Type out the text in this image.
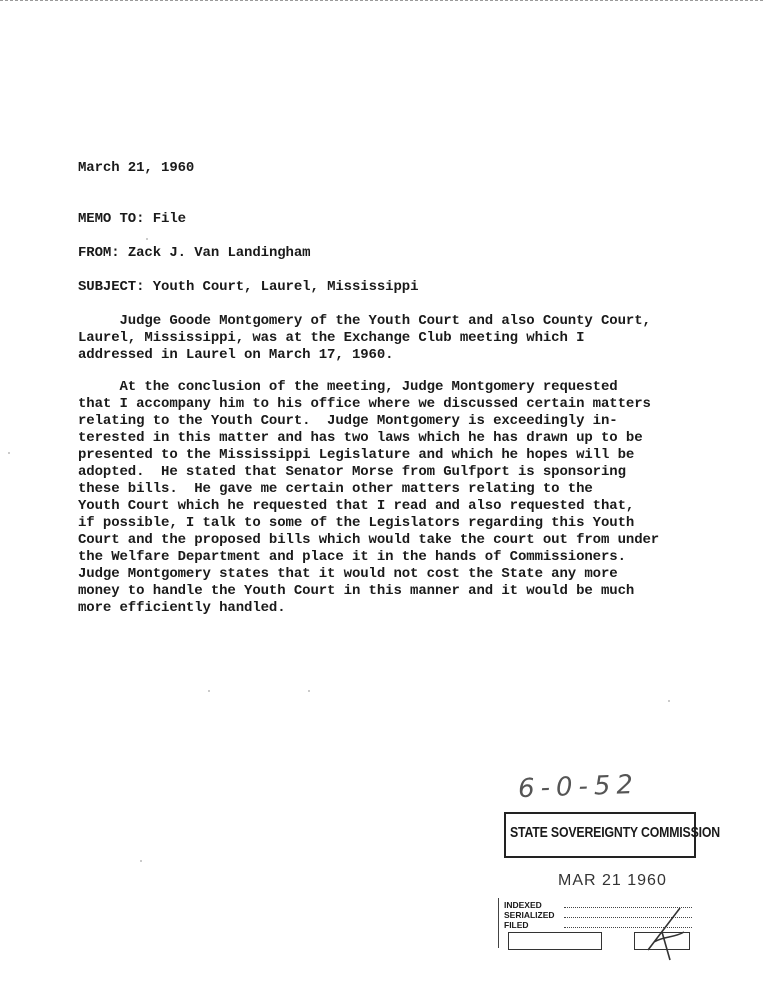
March 21, 1960
MEMO TO: File
FROM: Zack J. Van Landingham
SUBJECT: Youth Court, Laurel, Mississippi
Judge Goode Montgomery of the Youth Court and also County Court,
Laurel, Mississippi, was at the Exchange Club meeting which I
addressed in Laurel on March 17, 1960.
At the conclusion of the meeting, Judge Montgomery requested
that I accompany him to his office where we discussed certain matters
relating to the Youth Court.  Judge Montgomery is exceedingly in-
terested in this matter and has two laws which he has drawn up to be
presented to the Mississippi Legislature and which he hopes will be
adopted.  He stated that Senator Morse from Gulfport is sponsoring
these bills.  He gave me certain other matters relating to the
Youth Court which he requested that I read and also requested that,
if possible, I talk to some of the Legislators regarding this Youth
Court and the proposed bills which would take the court out from under
the Welfare Department and place it in the hands of Commissioners.
Judge Montgomery states that it would not cost the State any more
money to handle the Youth Court in this manner and it would be much
more efficiently handled.
6-0-52
STATE SOVEREIGNTY COMMISSION
MAR 21 1960
INDEXED
SERIALIZED
FILED
